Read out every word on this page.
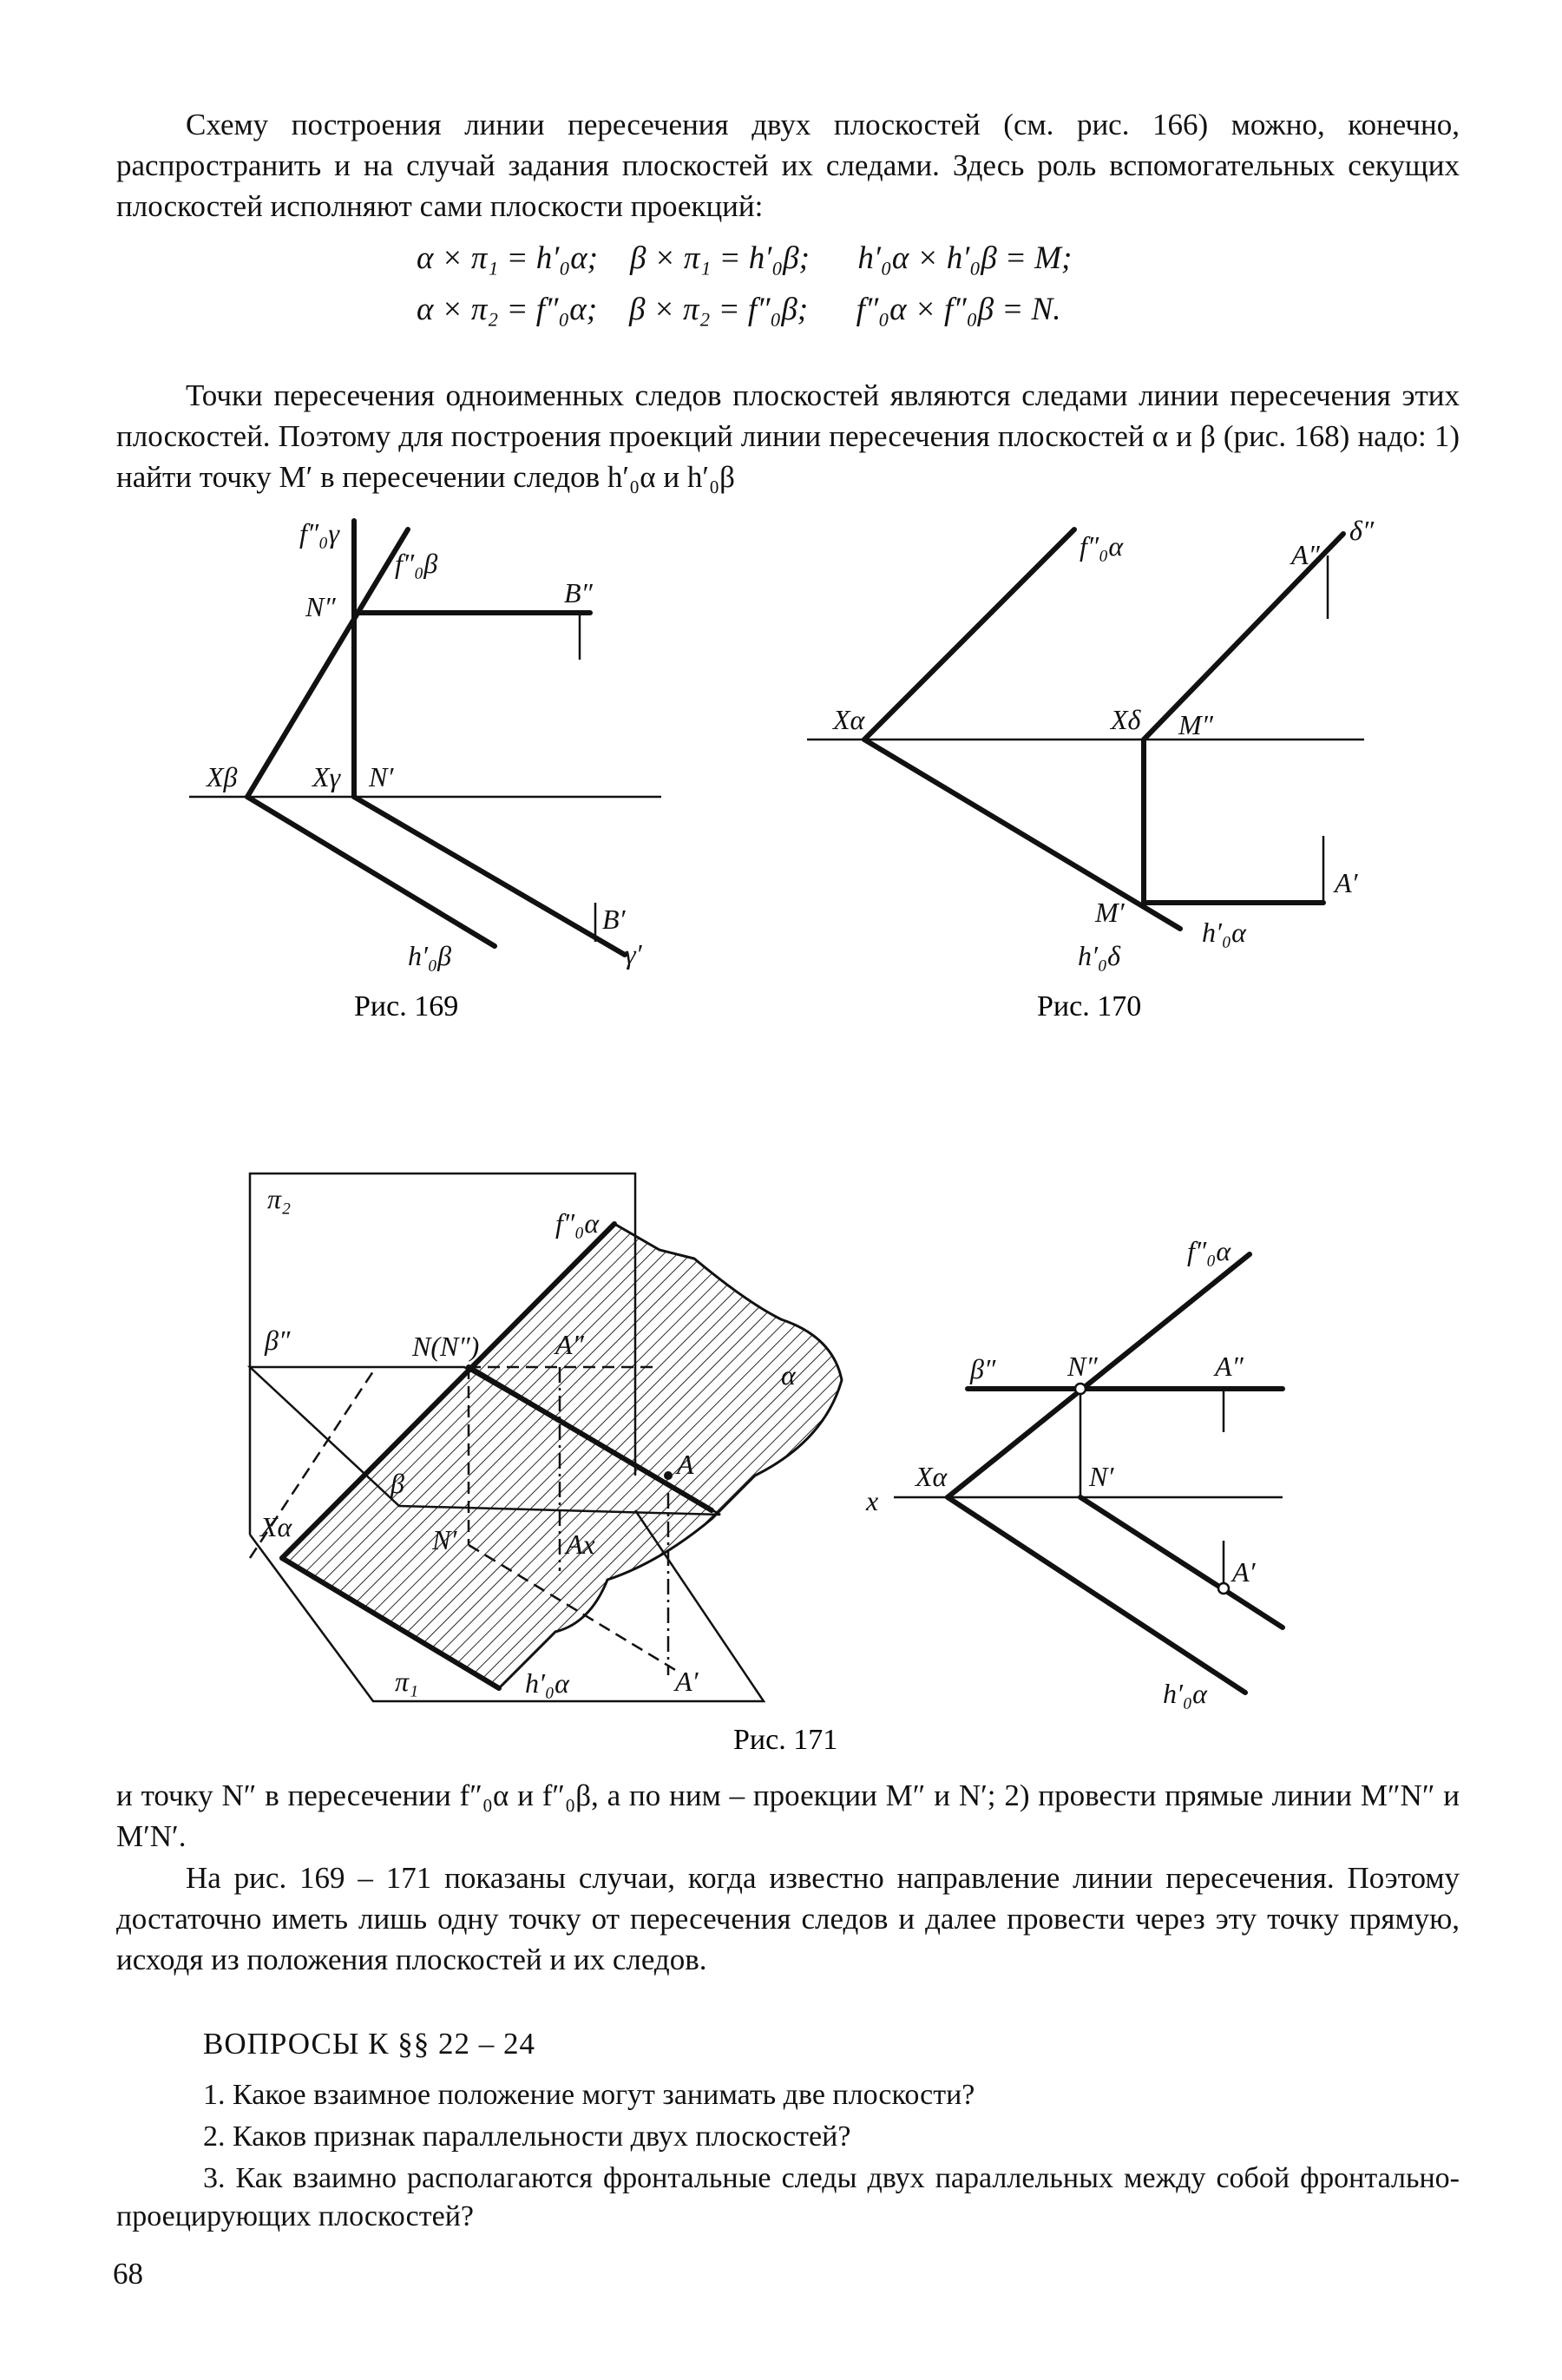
Схему построения линии пересечения двух плоскостей (см. рис. 166) можно, конечно, распространить и на случай задания плоскостей их следами. Здесь роль вспомогательных секущих плоскостей исполняют сами плоскости проекций:

α × π₁ = h′₀α;    β × π₁ = h′₀β;      h′₀α × h′₀β = M;
α × π₂ = f″₀α;    β × π₂ = f″₀β;      f″₀α × f″₀β = N.

Точки пересечения одноименных следов плоскостей являются следами линии пересечения этих плоскостей. Поэтому для построения проекций линии пересечения плоскостей α и β (рис. 168) надо: 1) найти точку M′ в пересечении следов h′₀α и h′₀β

f″₀γ
f″₀β
N″	B″
Xβ	Xγ N′
B′
h′₀β	γ′
Рис. 169
f″₀α	A″
δ″
Xα	Xδ M″
A′
M′
h′₀α
h′₀δ
Рис. 170
π₂
f″₀α
β″	N(N″)	A″
α
β
A
Xα	N′	Ax
π₁	h′₀α	A′
f″₀α
β″	N″	A″
x
Xα	N′
A′
h′₀α
Рис. 171

и точку N″ в пересечении f″₀α и f″₀β, а по ним – проекции M″ и N′; 2) провести прямые линии M″N″ и M′N′.

На рис. 169 – 171 показаны случаи, когда известно направление линии пересечения. Поэтому достаточно иметь лишь одну точку от пересечения следов и далее провести через эту точку прямую, исходя из положения плоскостей и их следов.

ВОПРОСЫ К §§ 22 – 24
1. Какое взаимное положение могут занимать две плоскости?
2. Каков признак параллельности двух плоскостей?

3. Как взаимно располагаются фронтальные следы двух параллельных между собой фронтально-проецирующих плоскостей?

68
